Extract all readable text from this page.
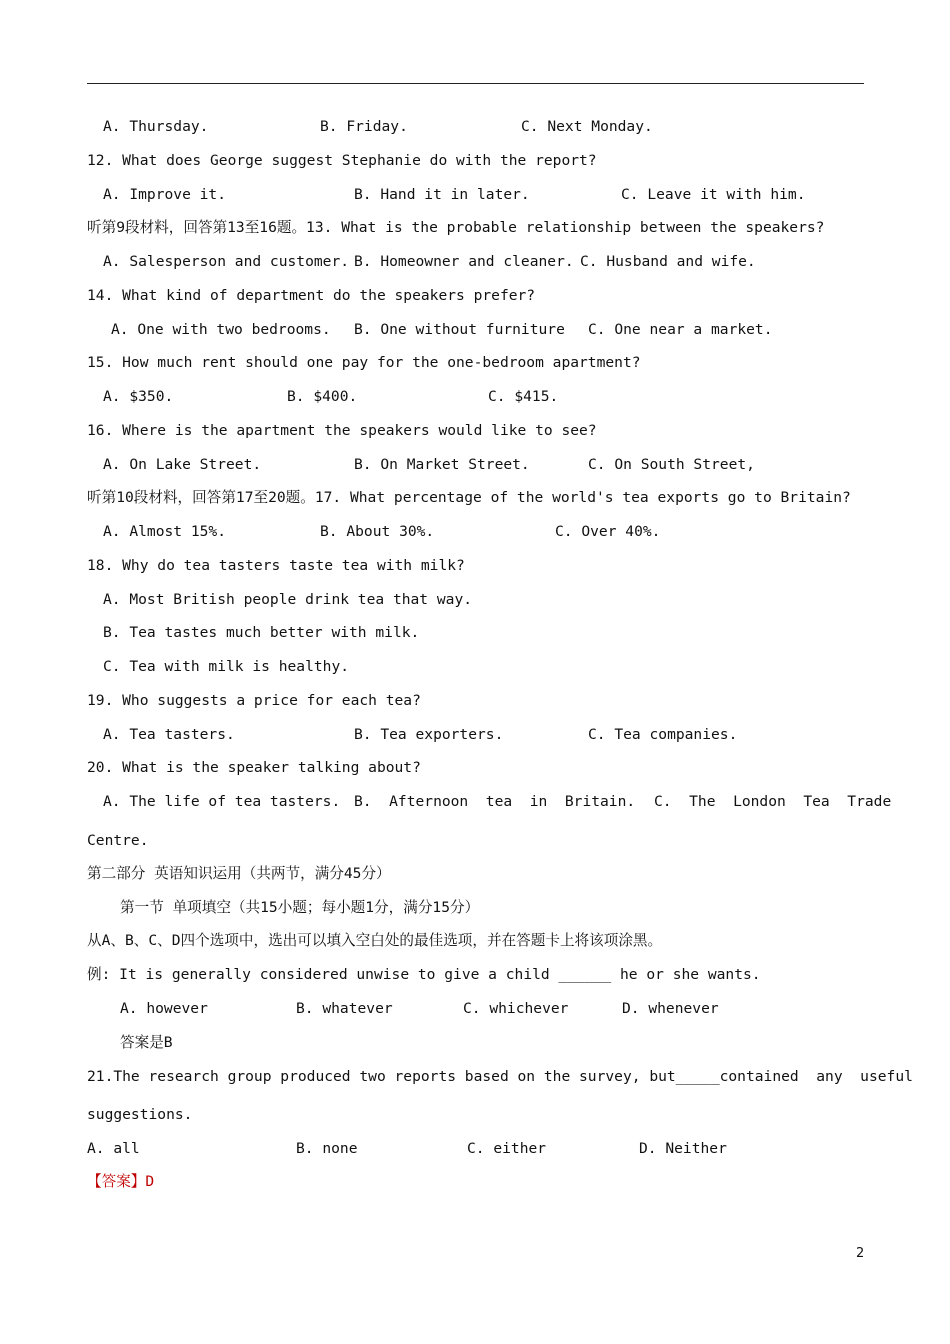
A. Thursday.	B. Friday.	C. Next Monday.
12. What does George suggest Stephanie do with the report?
A. Improve it.	B. Hand it in later.	C. Leave it with him.
听第9段材料，回答第13至16题。13. What is the probable relationship between the speakers?
A. Salesperson and customer. B. Homeowner and cleaner. C. Husband and wife.
14. What kind of department do the speakers prefer?
A. One with two bedrooms. B. One without furniture C. One near a market.
15. How much rent should one pay for the one-bedroom apartment?
A. $350.	B. $400.	C. $415.
16. Where is the apartment the speakers would like to see?
A. On Lake Street.	B. On Market Street.	C. On South Street,
听第10段材料，回答第17至20题。17. What percentage of the world's tea exports go to Britain?
A. Almost 15%.	B. About 30%.	C. Over 40%.
18. Why do tea tasters taste tea with milk?
A. Most British people drink tea that way.
B. Tea tastes much better with milk.
C. Tea with milk is healthy.
19. Who suggests a price for each tea?
A. Tea tasters.	B. Tea exporters.	C. Tea companies.
20. What is the speaker talking about?
A. The life of tea tasters. B.  Afternoon  tea  in  Britain. C.  The  London  Tea  Trade
Centre.
第二部分 英语知识运用（共两节，满分45分）
第一节 单项填空（共15小题；每小题1分，满分15分）
从A、B、C、D四个选项中，选出可以填入空白处的最佳选项，并在答题卡上将该项涂黑。
例: It is generally considered unwise to give a child ______ he or she wants.
A. however	B. whatever	C. whichever	D. whenever
答案是B
21.The research group produced two reports based on the survey, but_____contained  any  useful
suggestions.
A. all	B. none	C. either	D. Neither
【答案】D
2
